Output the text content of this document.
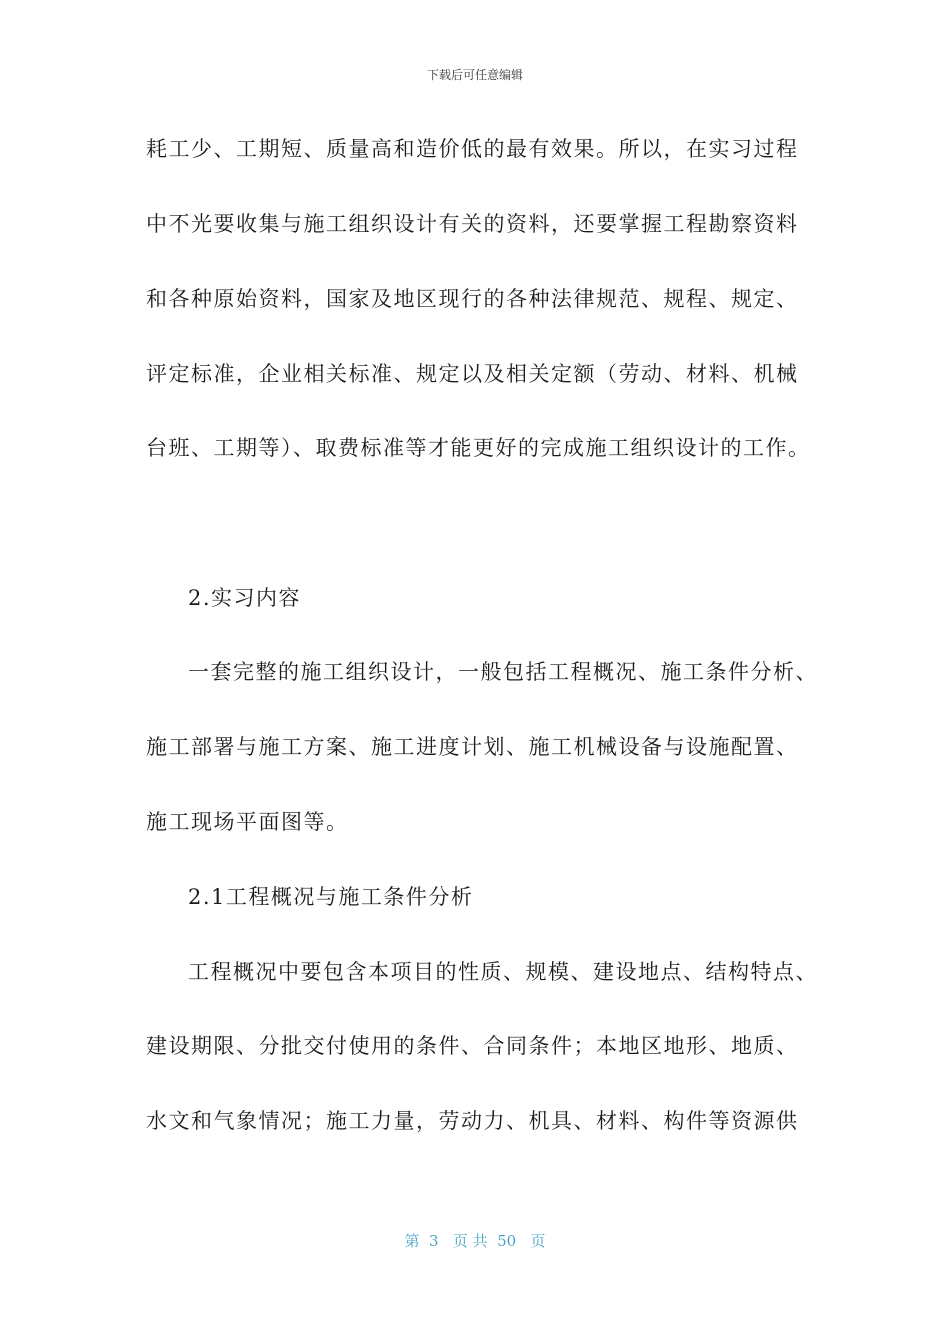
下载后可任意编辑
耗工少、工期短、质量高和造价低的最有效果。所以，在实习过程
中不光要收集与施工组织设计有关的资料，还要掌握工程勘察资料
和各种原始资料，国家及地区现行的各种法律规范、规程、规定、
评定标准，企业相关标准、规定以及相关定额（劳动、材料、机械
台班、工期等）、取费标准等才能更好的完成施工组织设计的工作。
2.实习内容
一套完整的施工组织设计，一般包括工程概况、施工条件分析、
施工部署与施工方案、施工进度计划、施工机械设备与设施配置、
施工现场平面图等。
2.1工程概况与施工条件分析
工程概况中要包含本项目的性质、规模、建设地点、结构特点、
建设期限、分批交付使用的条件、合同条件；本地区地形、地质、
水文和气象情况；施工力量，劳动力、机具、材料、构件等资源供
第  3   页 共  50   页
